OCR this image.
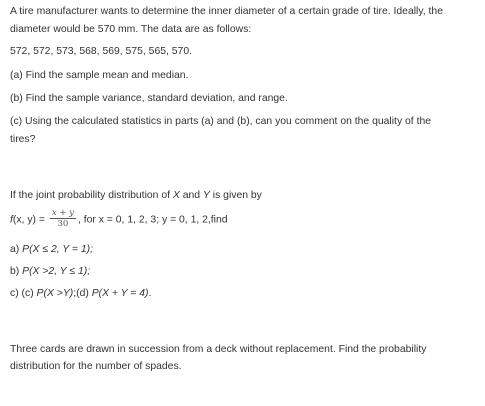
A tire manufacturer wants to determine the inner diameter of a certain grade of tire. Ideally, the
diameter would be 570 mm. The data are as follows:
572, 572, 573, 568, 569, 575, 565, 570.
(a) Find the sample mean and median.
(b) Find the sample variance, standard deviation, and range.
(c) Using the calculated statistics in parts (a) and (b), can you comment on the quality of the
tires?
If the joint probability distribution of X and Y is given by
f(x, $y) = \frac{x + y}{30}$ , for x = 0, 1, 2, 3; y = 0, 1, 2,find
a) P(X ≤ 2, Y = 1);
b) P(X >2, Y ≤ 1);
c) (c) P(X >Y);(d) P(X + Y = 4).
Three cards are drawn in succession from a deck without replacement. Find the probability
distribution for the number of spades.
